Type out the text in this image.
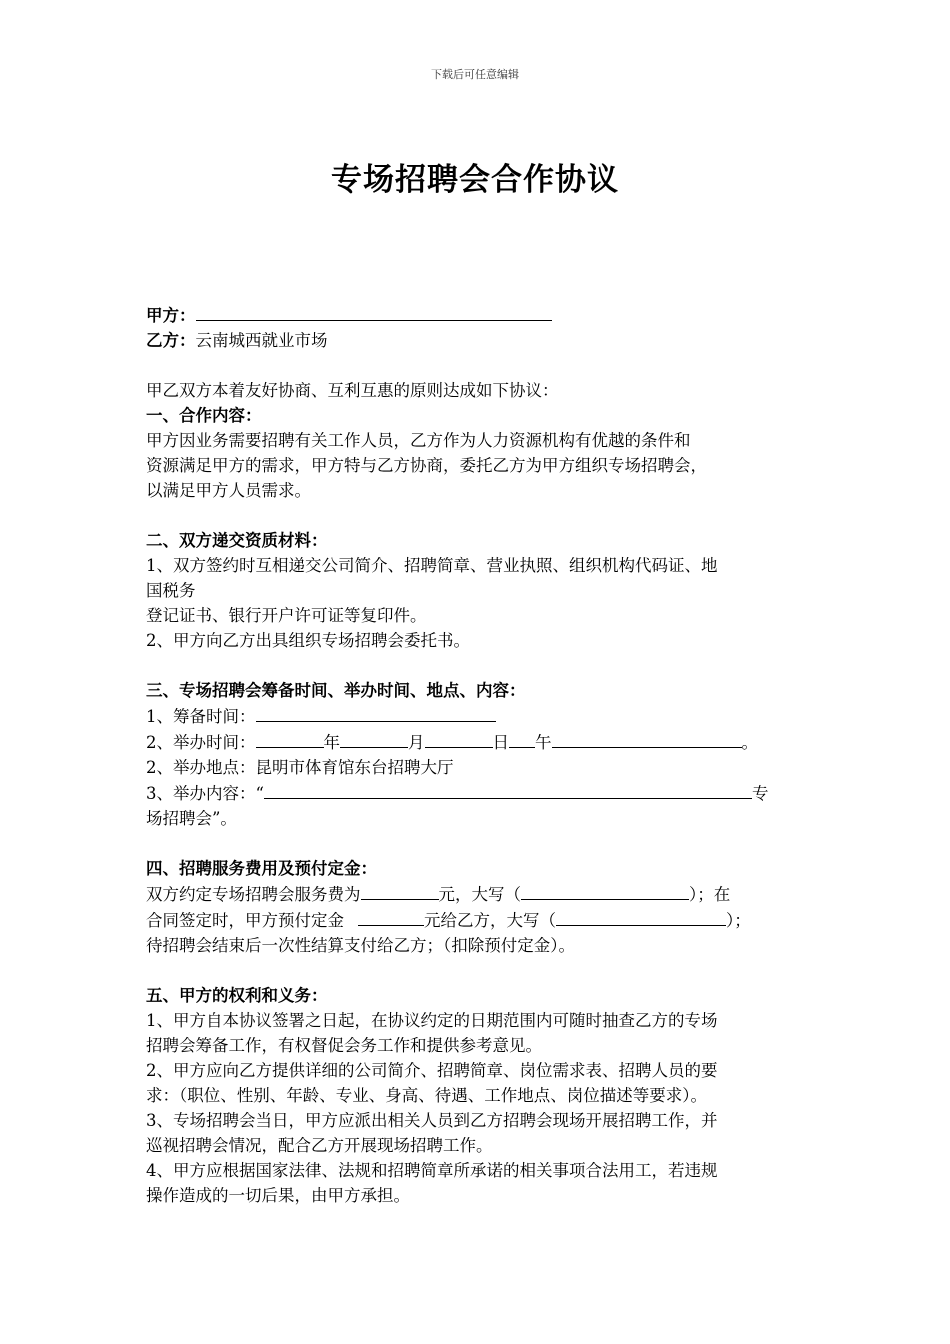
下载后可任意编辑
专场招聘会合作协议
甲方：
乙方：云南城西就业市场
甲乙双方本着友好协商、互利互惠的原则达成如下协议：
一、合作内容：
甲方因业务需要招聘有关工作人员，乙方作为人力资源机构有优越的条件和
资源满足甲方的需求，甲方特与乙方协商，委托乙方为甲方组织专场招聘会，
以满足甲方人员需求。
二、双方递交资质材料：
1、双方签约时互相递交公司简介、招聘简章、营业执照、组织机构代码证、地
国税务
登记证书、银行开户许可证等复印件。
2、甲方向乙方出具组织专场招聘会委托书。
三、专场招聘会筹备时间、举办时间、地点、内容：
1、筹备时间：
2、举办时间：	年	月	日 午	。
2、举办地点：昆明市体育馆东台招聘大厅
3、举办内容：“	专
场招聘会”。
四、招聘服务费用及预付定金：
双方约定专场招聘会服务费为	元，大写（	）；在
合同签定时，甲方预付定金	元给乙方，大写（	）；
待招聘会结束后一次性结算支付给乙方；（扣除预付定金）。
五、甲方的权利和义务：
1、甲方自本协议签署之日起，在协议约定的日期范围内可随时抽查乙方的专场
招聘会筹备工作，有权督促会务工作和提供参考意见。
2、甲方应向乙方提供详细的公司简介、招聘简章、岗位需求表、招聘人员的要
求：（职位、性别、年龄、专业、身高、待遇、工作地点、岗位描述等要求）。
3、专场招聘会当日，甲方应派出相关人员到乙方招聘会现场开展招聘工作，并
巡视招聘会情况，配合乙方开展现场招聘工作。
4、甲方应根据国家法律、法规和招聘简章所承诺的相关事项合法用工，若违规
操作造成的一切后果，由甲方承担。
